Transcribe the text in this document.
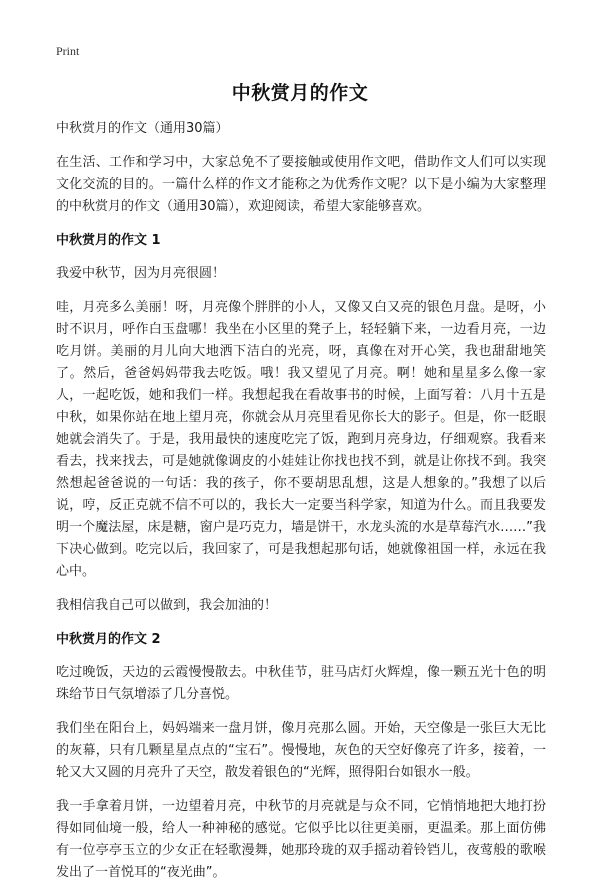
Print
中秋赏月的作文

中秋赏月的作文（通用30篇）

在生活、工作和学习中，大家总免不了要接触或使用作文吧，借助作文人们可以实现文化交流的目的。一篇什么样的作文才能称之为优秀作文呢？以下是小编为大家整理的中秋赏月的作文（通用30篇），欢迎阅读，希望大家能够喜欢。

中秋赏月的作文 1

我爱中秋节，因为月亮很圆！

哇，月亮多么美丽！呀，月亮像个胖胖的小人，又像又白又亮的银色月盘。是呀，小时不识月，呼作白玉盘哪！我坐在小区里的凳子上，轻轻躺下来，一边看月亮，一边吃月饼。美丽的月儿向大地洒下洁白的光亮，呀，真像在对开心笑，我也甜甜地笑了。然后，爸爸妈妈带我去吃饭。哦！我又望见了月亮。啊！她和星星多么像一家人，一起吃饭，她和我们一样。我想起我在看故事书的时候，上面写着：八月十五是中秋，如果你站在地上望月亮，你就会从月亮里看见你长大的影子。但是，你一眨眼她就会消失了。于是，我用最快的速度吃完了饭，跑到月亮身边，仔细观察。我看来看去，找来找去，可是她就像调皮的小娃娃让你找也找不到，就是让你找不到。我突然想起爸爸说的一句话：我的孩子，你不要胡思乱想，这是人想象的。”我想了以后说，哼，反正克就不信不可以的，我长大一定要当科学家，知道为什么。而且我要发明一个魔法屋，床是糖，窗户是巧克力，墙是饼干，水龙头流的水是草莓汽水……”我下决心做到。吃完以后，我回家了，可是我想起那句话，她就像祖国一样，永远在我心中。

我相信我自己可以做到，我会加油的！

中秋赏月的作文 2

吃过晚饭，天边的云霞慢慢散去。中秋佳节，驻马店灯火辉煌，像一颗五光十色的明珠给节日气氛增添了几分喜悦。

我们坐在阳台上，妈妈端来一盘月饼，像月亮那么圆。开始，天空像是一张巨大无比的灰幕，只有几颗星星点点的“宝石”。慢慢地，灰色的天空好像亮了许多，接着，一轮又大又圆的月亮升了天空，散发着银色的“光辉，照得阳台如银水一般。

我一手拿着月饼，一边望着月亮，中秋节的月亮就是与众不同，它悄悄地把大地打扮得如同仙境一般，给人一种神秘的感觉。它似乎比以往更美丽，更温柔。那上面仿佛有一位亭亭玉立的少女正在轻歌漫舞，她那玲珑的双手摇动着铃铛儿，夜莺般的歌喉发出了一首悦耳的“夜光曲”。
